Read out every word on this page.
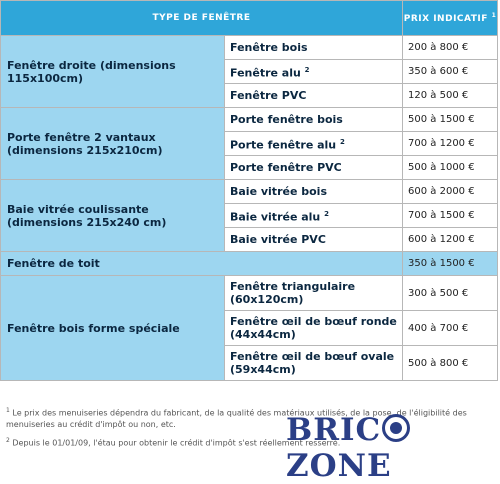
TYPE DE FENÊTRE		PRIX INDICATIF $^1$
Fenêtre droite (dimensions 115x100cm)	Fenêtre bois	200 à 800 €
	Fenêtre alu $^2$	350 à 600 €
	Fenêtre PVC	120 à 500 €
Porte fenêtre 2 vantaux (dimensions 215x210cm)	Porte fenêtre bois	500 à 1500 €
	Porte fenêtre alu $^2$	700 à 1200 €
	Porte fenêtre PVC	500 à 1000 €
Baie vitrée coulissante (dimensions 215x240 cm)	Baie vitrée bois	600 à 2000 €
	Baie vitrée alu $^2$	700 à 1500 €
	Baie vitrée PVC	600 à 1200 €
Fenêtre de toit		350 à 1500 €
Fenêtre bois forme spéciale	Fenêtre triangulaire (60x120cm)	300 à 500 €
	Fenêtre œil de bœuf ronde (44x44cm)	400 à 700 €
	Fenêtre œil de bœuf ovale (59x44cm)	500 à 800 €

$^1$ Le prix des menuiseries dépendra du fabricant, de la qualité des matériaux utilisés, de la pose, de l'éligibilité des menuiseries au crédit d'impôt ou non, etc.

$^2$ Depuis le 01/01/09, l'étau pour obtenir le crédit d'impôt s'est réellement resserré.

BRICZONE
